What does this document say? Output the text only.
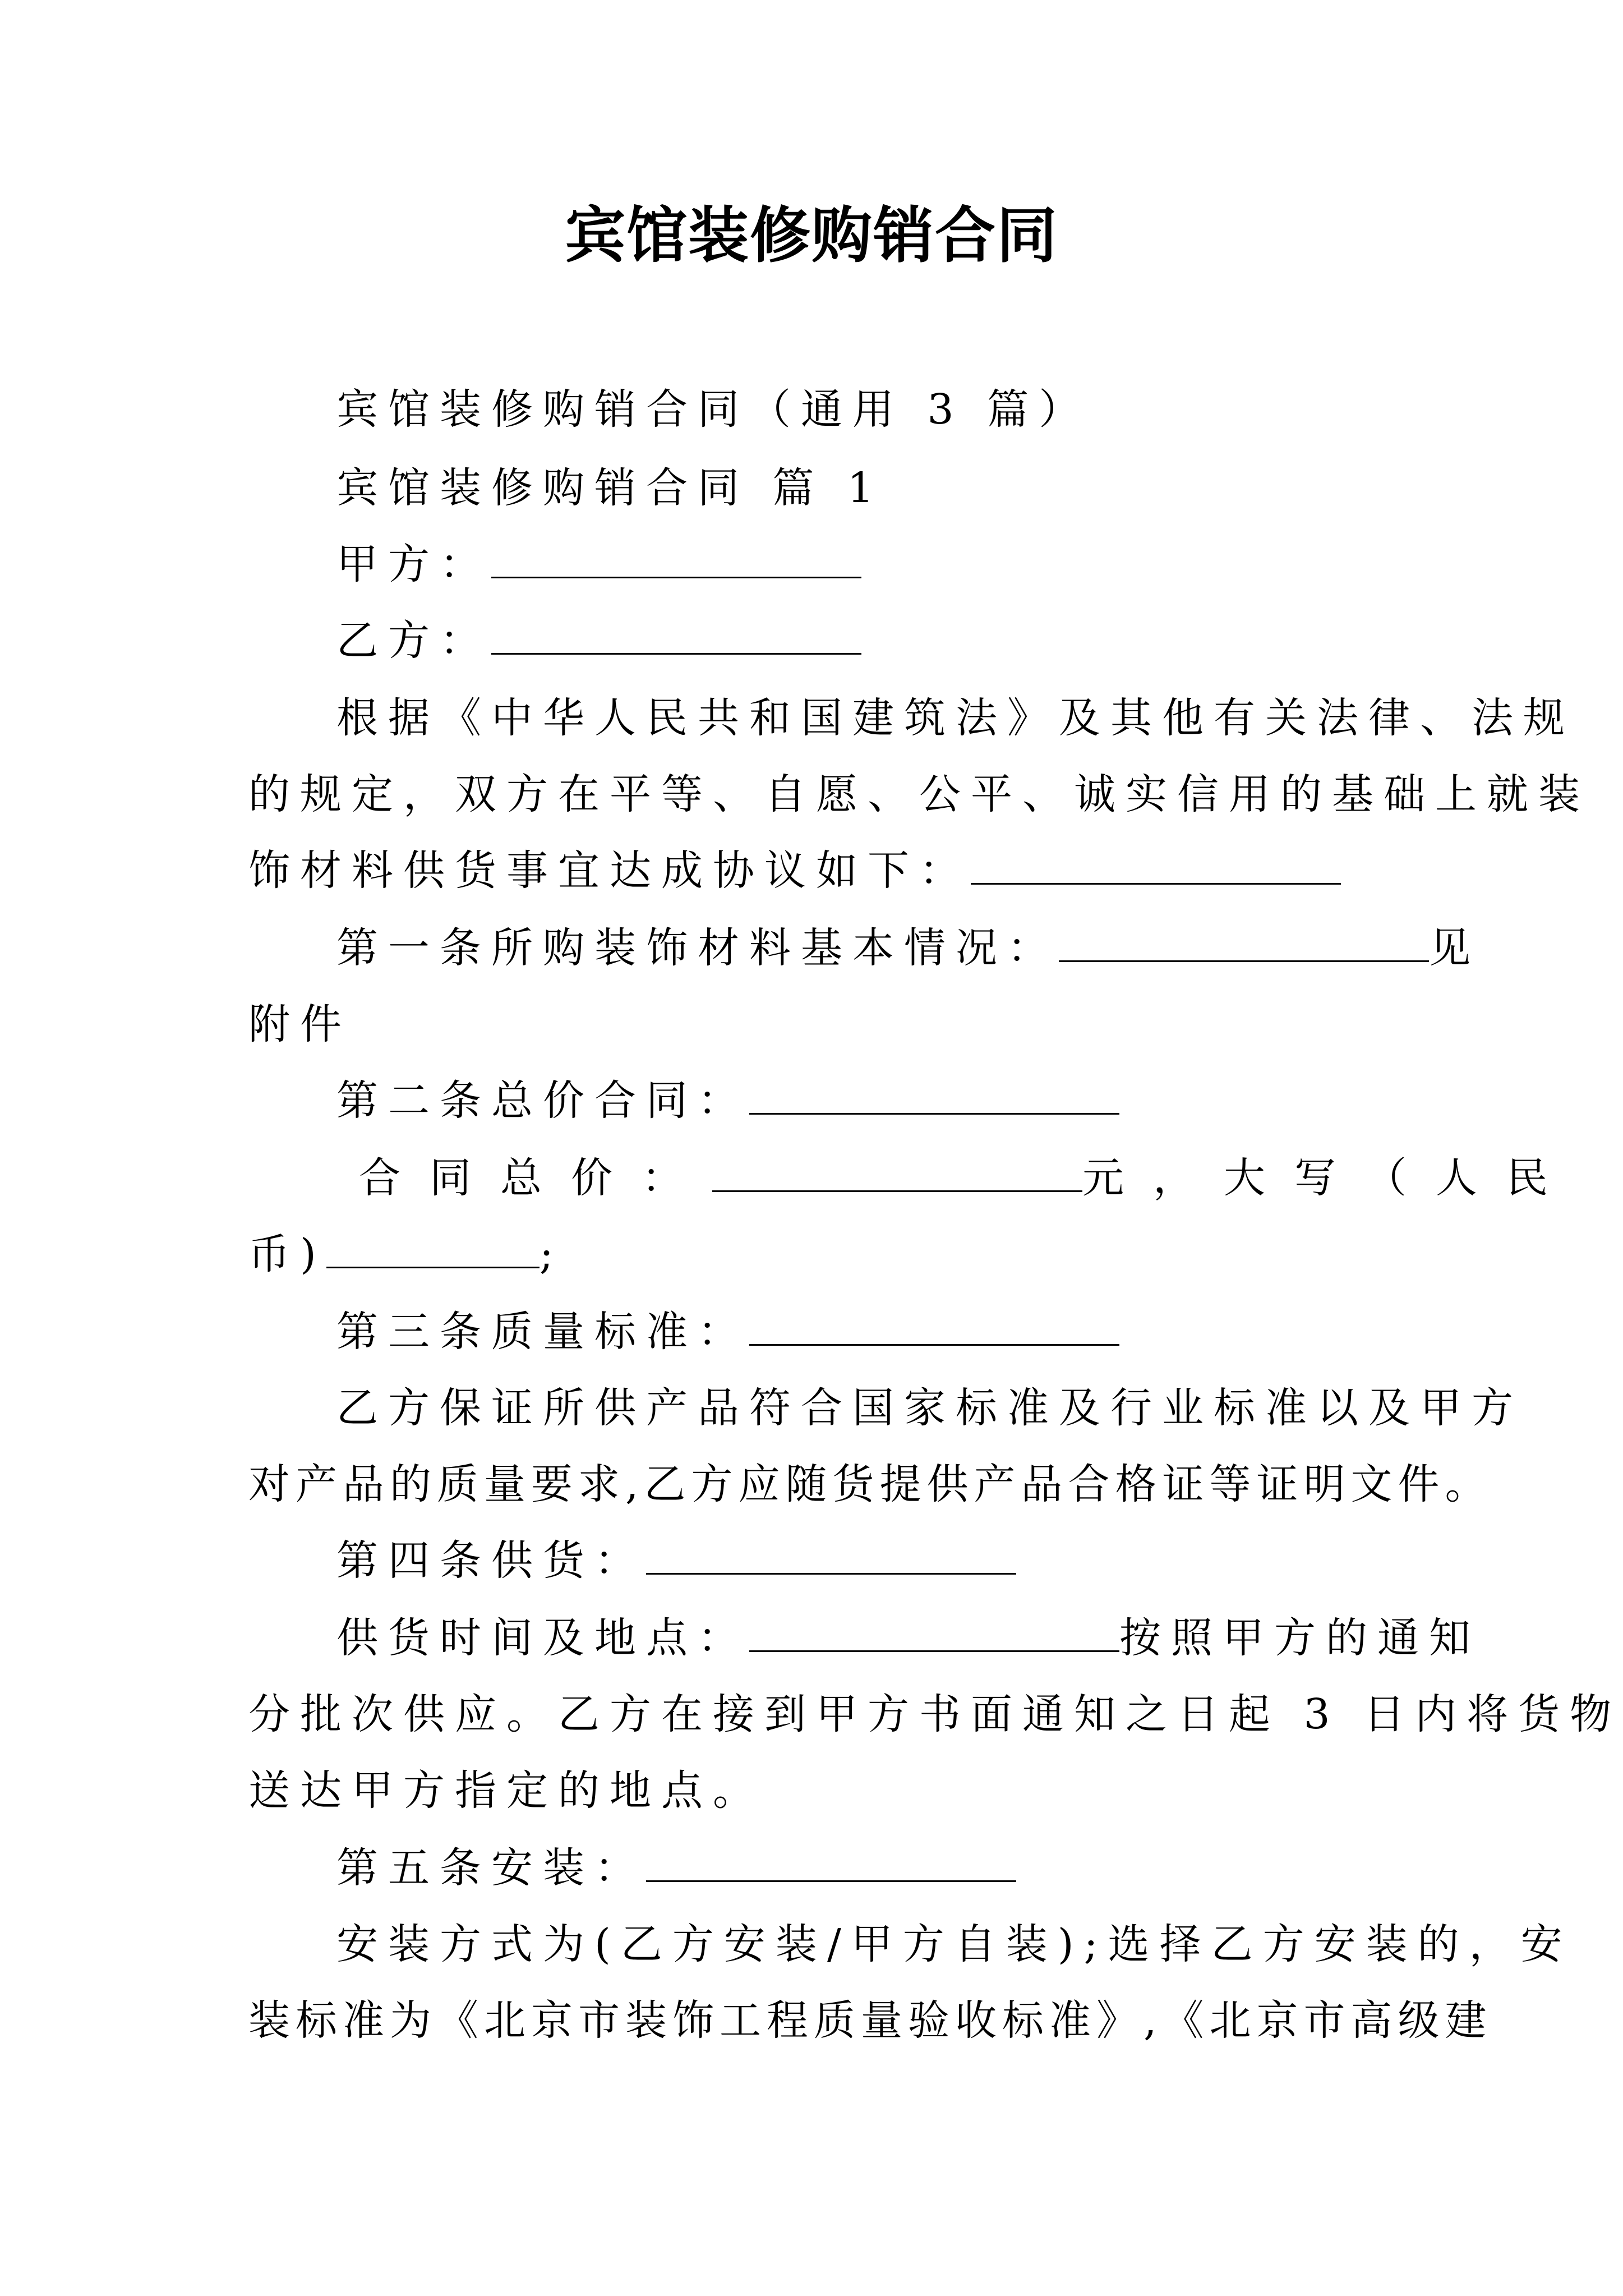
宾馆装修购销合同
宾馆装修购销合同（通用 3 篇）
宾馆装修购销合同 篇 1
甲方：
乙方：
根据《中华人民共和国建筑法》及其他有关法律、法规
的规定，双方在平等、自愿、公平、诚实信用的基础上就装
饰材料供货事宜达成协议如下：
第一条所购装饰材料基本情况：	见
附件
第二条总价合同：
合同总价：	元，大写（人民
币)	;
第三条质量标准：
乙方保证所供产品符合国家标准及行业标准以及甲方
对产品的质量要求,乙方应随货提供产品合格证等证明文件。
第四条供货：
供货时间及地点：	按照甲方的通知
分批次供应。乙方在接到甲方书面通知之日起 3 日内将货物
送达甲方指定的地点。
第五条安装：
安装方式为(乙方安装/甲方自装);选择乙方安装的，安
装标准为《北京市装饰工程质量验收标准》,《北京市高级建
